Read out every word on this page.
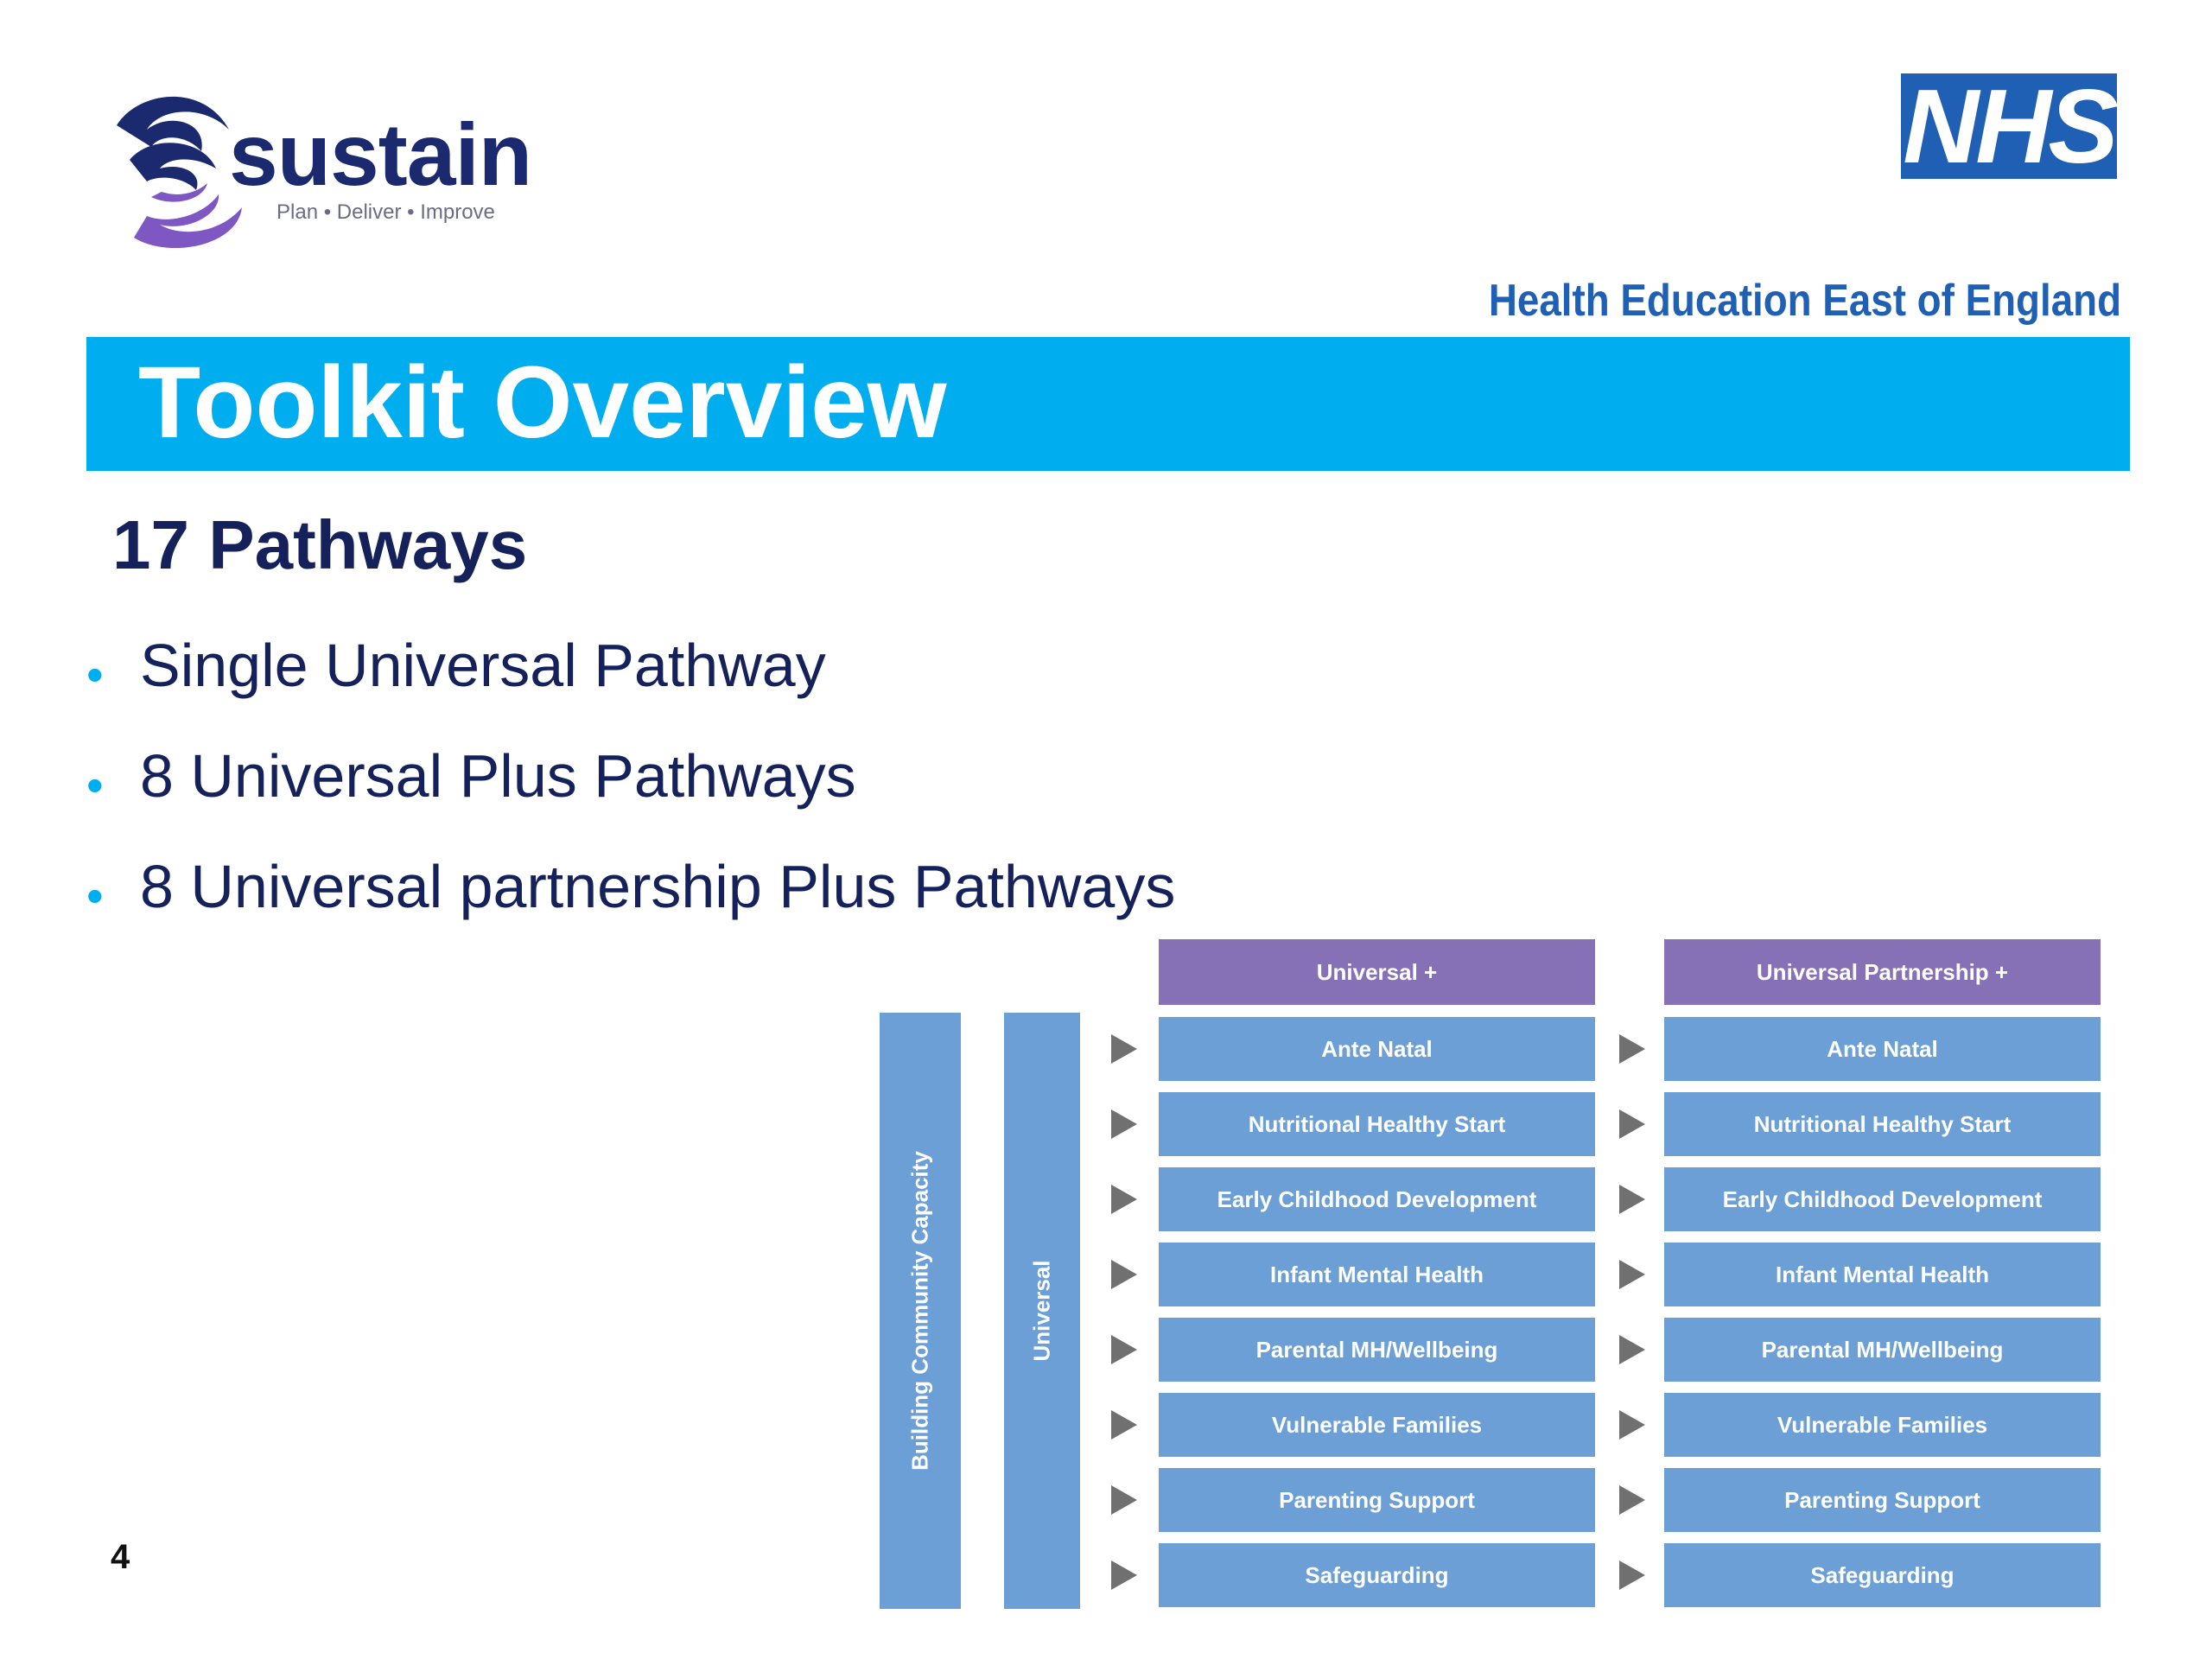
sustain
Plan • Deliver • Improve
NHS
Health Education East of England
Toolkit Overview
17 Pathways
• Single Universal Pathway
• 8 Universal Plus Pathways
• 8 Universal partnership Plus Pathways
Building Community Capacity	Universal
Universal +	Universal Partnership +
Ante Natal	Ante Natal
Nutritional Healthy Start	Nutritional Healthy Start
Early Childhood Development	Early Childhood Development
Infant Mental Health	Infant Mental Health
Parental MH/Wellbeing	Parental MH/Wellbeing
Vulnerable Families	Vulnerable Families
Parenting Support	Parenting Support
Safeguarding	Safeguarding
4
